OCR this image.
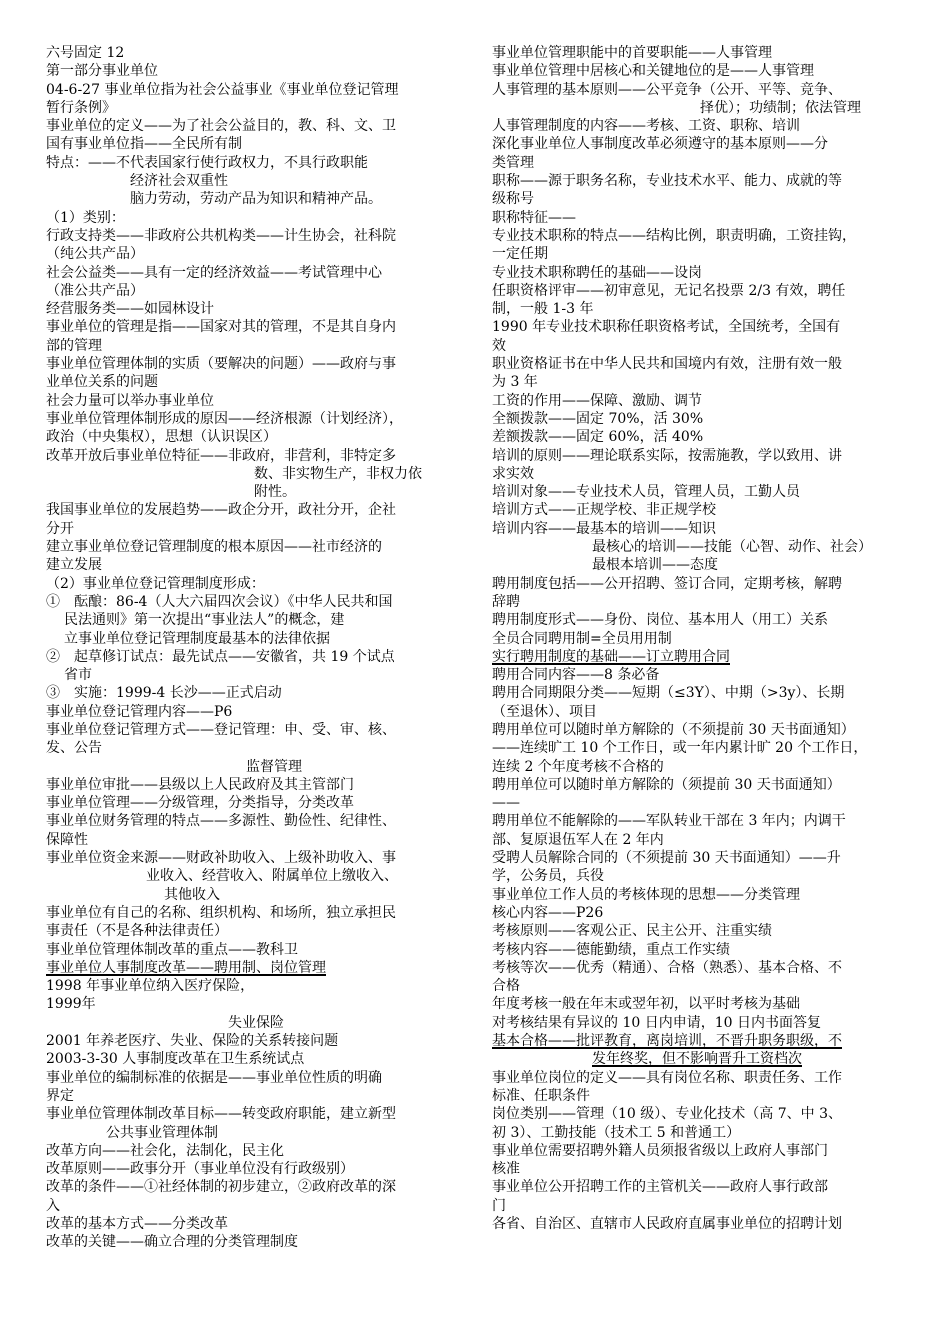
六号固定 12
第一部分事业单位
04-6-27 事业单位指为社会公益事业《事业单位登记管理
暂行条例》
事业单位的定义——为了社会公益目的，教、科、文、卫
国有事业单位指——全民所有制
特点：——不代表国家行使行政权力，不具行政职能
经济社会双重性
脑力劳动，劳动产品为知识和精神产品。
（1）类别：
行政支持类——非政府公共机构类——计生协会，社科院
（纯公共产品）
社会公益类——具有一定的经济效益——考试管理中心
（准公共产品）
经营服务类——如园林设计
事业单位的管理是指——国家对其的管理，不是其自身内
部的管理
事业单位管理体制的实质（要解决的问题）——政府与事
业单位关系的问题
社会力量可以举办事业单位
事业单位管理体制形成的原因——经济根源（计划经济），
政治（中央集权），思想（认识误区）
改革开放后事业单位特征——非政府，非营利，非特定多
数、非实物生产，非权力依
附性。
我国事业单位的发展趋势——政企分开，政社分开，企社
分开
建立事业单位登记管理制度的根本原因——社市经济的
建立发展
（2）事业单位登记管理制度形成：
①　酝酿：86-4（人大六届四次会议）《中华人民共和国
民法通则》第一次提出“事业法人”的概念，建
立事业单位登记管理制度最基本的法律依据
②　起草修订试点：最先试点——安徽省，共 19 个试点
省市
③　实施：1999-4 长沙——正式启动
事业单位登记管理内容——P6
事业单位登记管理方式——登记管理：申、受、审、核、
发、公告
监督管理
事业单位审批——县级以上人民政府及其主管部门
事业单位管理——分级管理，分类指导，分类改革
事业单位财务管理的特点——多源性、勤俭性、纪律性、
保障性
事业单位资金来源——财政补助收入、上级补助收入、事
业收入、经营收入、附属单位上缴收入、
其他收入
事业单位有自己的名称、组织机构、和场所，独立承担民
事责任（不是各种法律责任）
事业单位管理体制改革的重点——教科卫
事业单位人事制度改革——聘用制、岗位管理
1998 年事业单位纳入医疗保险，
1999年
失业保险
2001 年养老医疗、失业、保险的关系转接问题
2003-3-30 人事制度改革在卫生系统试点
事业单位的编制标准的依据是——事业单位性质的明确
界定
事业单位管理体制改革目标——转变政府职能，建立新型
公共事业管理体制
改革方向——社会化，法制化，民主化
改革原则——政事分开（事业单位没有行政级别）
改革的条件——①社经体制的初步建立，②政府改革的深
入
改革的基本方式——分类改革
改革的关键——确立合理的分类管理制度
事业单位管理职能中的首要职能——人事管理
事业单位管理中居核心和关键地位的是——人事管理
人事管理的基本原则——公平竞争（公开、平等、竞争、
择优）；功绩制；依法管理
人事管理制度的内容——考核、工资、职称、培训
深化事业单位人事制度改革必须遵守的基本原则——分
类管理
职称——源于职务名称，专业技术水平、能力、成就的等
级称号
职称特征——
专业技术职称的特点——结构比例，职责明确，工资挂钩，
一定任期
专业技术职称聘任的基础——设岗
任职资格评审——初审意见，无记名投票 2/3 有效，聘任
制，一般 1-3 年
1990 年专业技术职称任职资格考试，全国统考，全国有
效
职业资格证书在中华人民共和国境内有效，注册有效一般
为 3 年
工资的作用——保障、激励、调节
全额拨款——固定 70%，活 30%
差额拨款——固定 60%，活 40%
培训的原则——理论联系实际，按需施教，学以致用、讲
求实效
培训对象——专业技术人员，管理人员，工勤人员
培训方式——正规学校、非正规学校
培训内容——最基本的培训——知识
最核心的培训——技能（心智、动作、社会）
最根本培训——态度
聘用制度包括——公开招聘、签订合同，定期考核，解聘
辞聘
聘用制度形式——身份、岗位、基本用人（用工）关系
全员合同聘用制=全员用用制
实行聘用制度的基础——订立聘用合同
聘用合同内容——8 条必备
聘用合同期限分类——短期（≤3Y）、中期（>3y）、长期
（至退休）、项目
聘用单位可以随时单方解除的（不须提前 30 天书面通知）
——连续旷工 10 个工作日，或一年内累计旷 20 个工作日，
连续 2 个年度考核不合格的
聘用单位可以随时单方解除的（须提前 30 天书面通知）
——
聘用单位不能解除的——军队转业干部在 3 年内；内调干
部、复原退伍军人在 2 年内
受聘人员解除合同的（不须提前 30 天书面通知）——升
学，公务员，兵役
事业单位工作人员的考核体现的思想——分类管理
核心内容——P26
考核原则——客观公正、民主公开、注重实绩
考核内容——德能勤绩，重点工作实绩
考核等次——优秀（精通）、合格（熟悉）、基本合格、不
合格
年度考核一般在年末或翌年初，以平时考核为基础
对考核结果有异议的 10 日内申请，10 日内书面答复
基本合格——批评教育，离岗培训，不晋升职务职级，不
发年终奖，但不影响晋升工资档次
事业单位岗位的定义——具有岗位名称、职责任务、工作
标准、任职条件
岗位类别——管理（10 级）、专业化技术（高 7、中 3、
初 3）、工勤技能（技术工 5 和普通工）
事业单位需要招聘外籍人员须报省级以上政府人事部门
核准
事业单位公开招聘工作的主管机关——政府人事行政部
门
各省、自治区、直辖市人民政府直属事业单位的招聘计划
